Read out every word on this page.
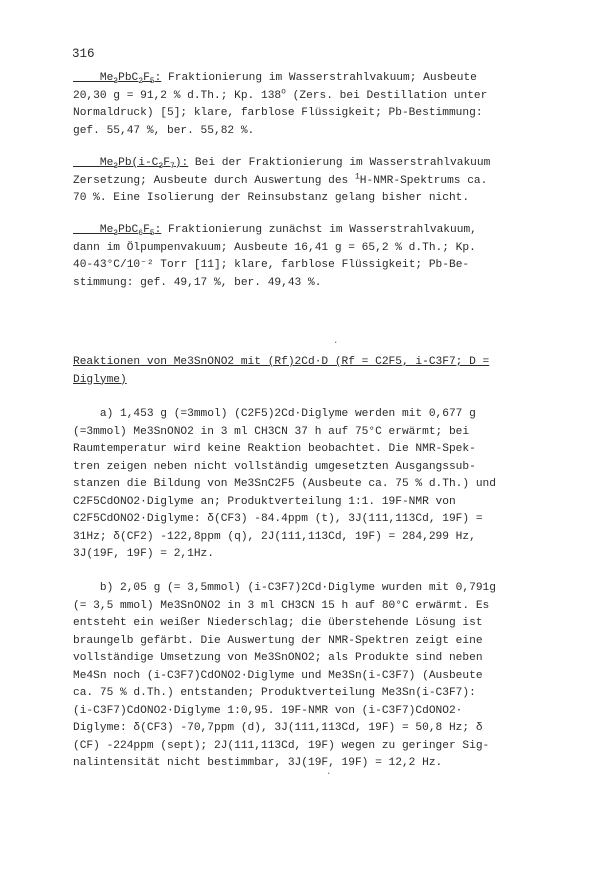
316
$Me_3PbC_2F_5$: Fraktionierung im Wasserstrahlvakuum; Ausbeute
20,30 g = 91,2 % d.Th.; Kp. 138$^o$ (Zers. bei Destillation unter
Normaldruck) [5]; klare, farblose Flüssigkeit; Pb-Bestimmung:
gef. 55,47 %, ber. 55,82 %.
$Me_3Pb(i-C_3F_7)$: Bei der Fraktionierung im Wasserstrahlvakuum
Zersetzung; Ausbeute durch Auswertung des $^1$H-NMR-Spektrums ca.
70 %. Eine Isolierung der Reinsubstanz gelang bisher nicht.
$Me_3PbC_6F_5$: Fraktionierung zunächst im Wasserstrahlvakuum,
dann im Ölpumpenvakuum; Ausbeute 16,41 g = 65,2 % d.Th.; Kp.
40-43°C/10⁻² Torr [11]; klare, farblose Flüssigkeit; Pb-Be-
stimmung: gef. 49,17 %, ber. 49,43 %.
·
Reaktionen von Me3SnONO2 mit (Rf)2Cd·D (Rf = C2F5, i-C3F7; D =
Diglyme)
a) 1,453 g (=3mmol) (C2F5)2Cd·Diglyme werden mit 0,677 g
(=3mmol) Me3SnONO2 in 3 ml CH3CN 37 h auf 75°C erwärmt; bei
Raumtemperatur wird keine Reaktion beobachtet. Die NMR-Spek-
tren zeigen neben nicht vollständig umgesetzten Ausgangssub-
stanzen die Bildung von Me3SnC2F5 (Ausbeute ca. 75 % d.Th.) und
C2F5CdONO2·Diglyme an; Produktverteilung 1:1. 19F-NMR von
C2F5CdONO2·Diglyme: δ(CF3) -84.4ppm (t), 3J(111,113Cd, 19F) =
31Hz; δ(CF2) -122,8ppm (q), 2J(111,113Cd, 19F) = 284,299 Hz,
3J(19F, 19F) = 2,1Hz.
b) 2,05 g (= 3,5mmol) (i-C3F7)2Cd·Diglyme wurden mit 0,791g
(= 3,5 mmol) Me3SnONO2 in 3 ml CH3CN 15 h auf 80°C erwärmt. Es
entsteht ein weißer Niederschlag; die überstehende Lösung ist
braungelb gefärbt. Die Auswertung der NMR-Spektren zeigt eine
vollständige Umsetzung von Me3SnONO2; als Produkte sind neben
Me4Sn noch (i-C3F7)CdONO2·Diglyme und Me3Sn(i-C3F7) (Ausbeute
ca. 75 % d.Th.) entstanden; Produktverteilung Me3Sn(i-C3F7):
(i-C3F7)CdONO2·Diglyme 1:0,95. 19F-NMR von (i-C3F7)CdONO2·
Diglyme: δ(CF3) -70,7ppm (d), 3J(111,113Cd, 19F) = 50,8 Hz; δ
(CF) -224ppm (sept); 2J(111,113Cd, 19F) wegen zu geringer Sig-
nalintensität nicht bestimmbar, 3J(19F, 19F) = 12,2 Hz.
·
